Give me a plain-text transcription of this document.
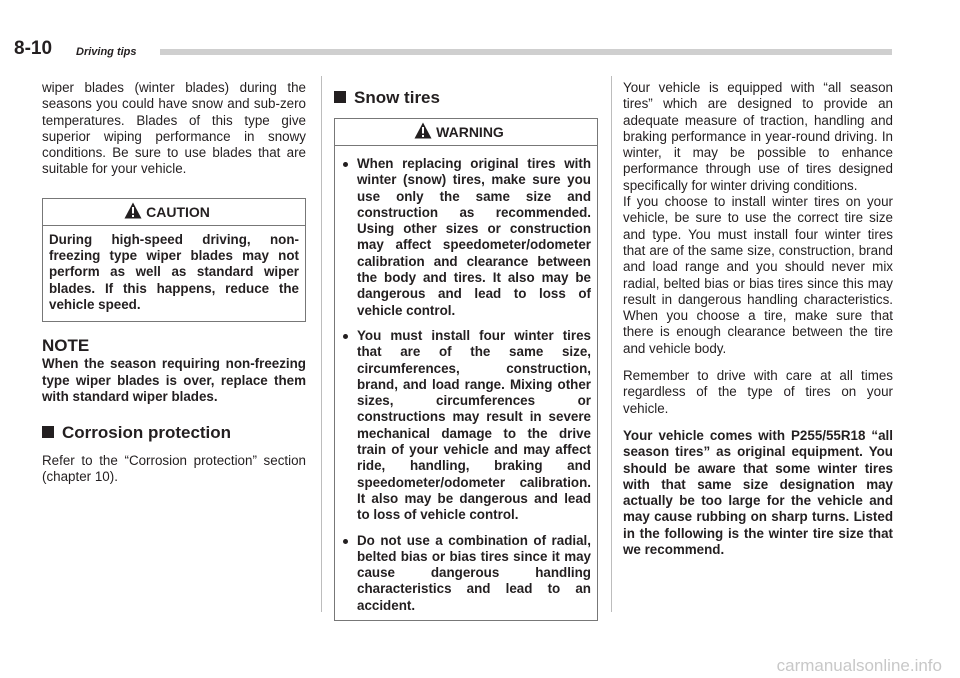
8-10 Driving tips

wiper blades (winter blades) during the seasons you could have snow and sub-zero temperatures. Blades of this type give superior wiping performance in snowy conditions. Be sure to use blades that are suitable for your vehicle.

CAUTION

During high-speed driving, non-freezing type wiper blades may not perform as well as standard wiper blades. If this happens, reduce the vehicle speed.

NOTE

When the season requiring non-freezing type wiper blades is over, replace them with standard wiper blades.

Corrosion protection

Refer to the “Corrosion protection” section (chapter 10).

Snow tires
WARNING

When replacing original tires with winter (snow) tires, make sure you use only the same size and construction as recommended. Using other sizes or construction may affect speedometer/odometer calibration and clearance between the body and tires. It also may be dangerous and lead to loss of vehicle control.

You must install four winter tires that are of the same size, circumferences, construction, brand, and load range. Mixing other sizes, circumferences or constructions may result in severe mechanical damage to the drive train of your vehicle and may affect ride, handling, braking and speedometer/odometer calibration. It also may be dangerous and lead to loss of vehicle control.

Do not use a combination of radial, belted bias or bias tires since it may cause dangerous handling characteristics and lead to an accident.

Your vehicle is equipped with “all season tires” which are designed to provide an adequate measure of traction, handling and braking performance in year-round driving. In winter, it may be possible to enhance performance through use of tires designed specifically for winter driving conditions.

If you choose to install winter tires on your vehicle, be sure to use the correct tire size and type. You must install four winter tires that are of the same size, construction, brand and load range and you should never mix radial, belted bias or bias tires since this may result in dangerous handling characteristics. When you choose a tire, make sure that there is enough clearance between the tire and vehicle body.

Remember to drive with care at all times regardless of the type of tires on your vehicle.

Your vehicle comes with P255/55R18 “all season tires” as original equipment. You should be aware that some winter tires with that same size designation may actually be too large for the vehicle and may cause rubbing on sharp turns. Listed in the following is the winter tire size that we recommend.

carmanualsonline.info
